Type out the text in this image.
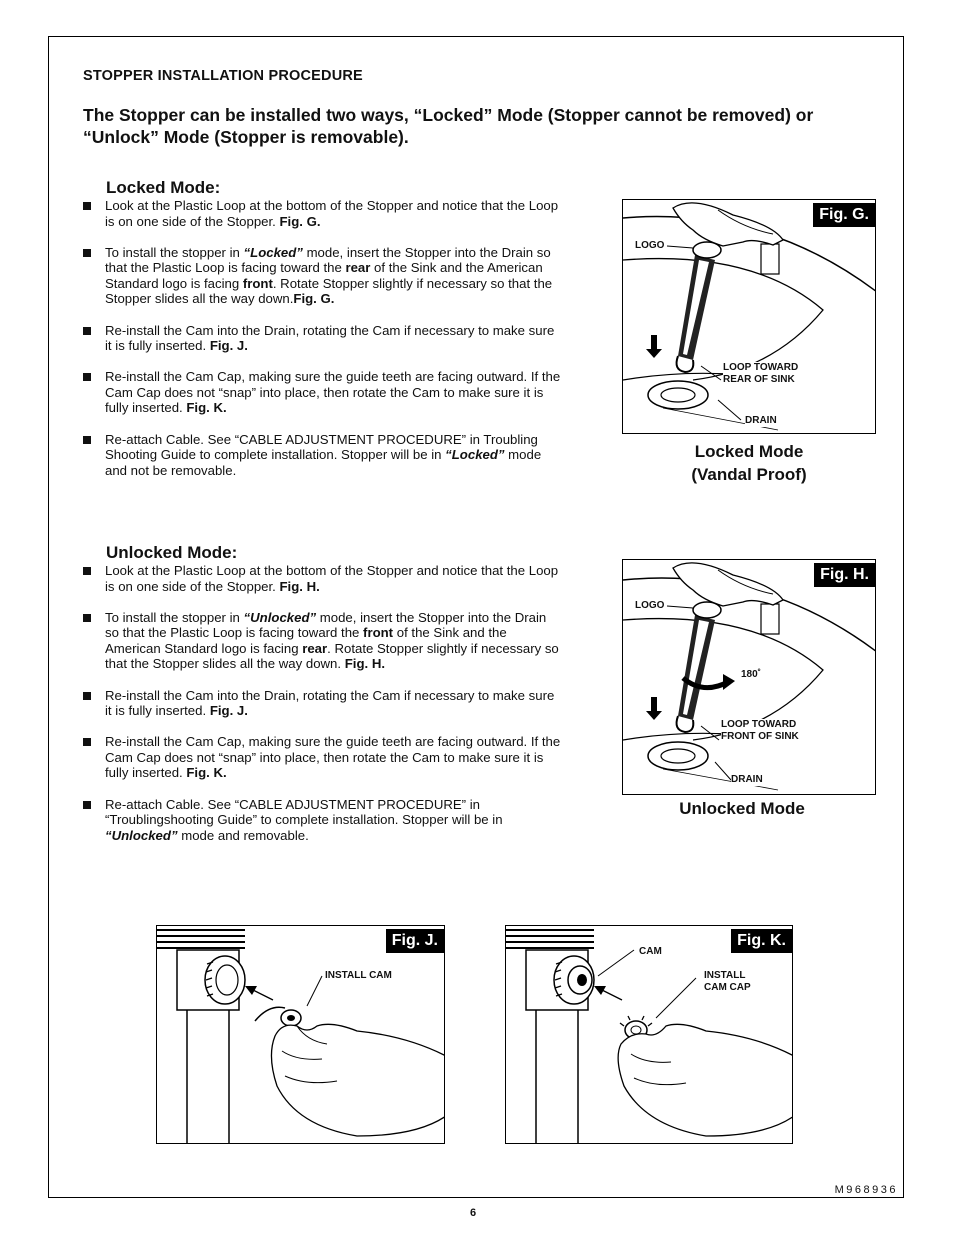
STOPPER INSTALLATION PROCEDURE
The Stopper can be installed two ways, “Locked” Mode (Stopper cannot be removed) or “Unlock” Mode (Stopper is removable).
Locked Mode:
Look at the Plastic Loop at the bottom of the Stopper and notice that the Loop is on one side of the Stopper. Fig. G.
To install the stopper in “Locked” mode, insert the Stopper into the Drain so that the Plastic Loop is facing toward the rear of the Sink and the American Standard logo is facing front. Rotate Stopper slightly if necessary so that the Stopper slides all the way down.Fig. G.
Re-install the Cam into the Drain, rotating the Cam if necessary to make sure it is fully inserted. Fig. J.
Re-install the Cam Cap, making sure the guide teeth are facing outward. If the Cam Cap does not “snap” into place, then rotate the Cam to make sure it is fully inserted. Fig. K.
Re-attach Cable. See “CABLE ADJUSTMENT PROCEDURE” in Troubling Shooting Guide to complete installation. Stopper will be in “Locked” mode and not be removable.
Fig. G.
LOGO
LOOP TOWARD
REAR OF SINK
DRAIN
Locked Mode
(Vandal Proof)
Unlocked Mode:
Look at the Plastic Loop at the bottom of the Stopper and notice that the Loop is on one side of the Stopper. Fig. H.
To install the stopper in “Unlocked” mode, insert the Stopper into the Drain so that the Plastic Loop is facing toward the front of the Sink and the American Standard logo is facing rear. Rotate Stopper slightly if necessary so that the Stopper slides all the way down. Fig. H.
Re-install the Cam into the Drain, rotating the Cam if necessary to make sure it is fully inserted. Fig. J.
Re-install the Cam Cap, making sure the guide teeth are facing outward. If the Cam Cap does not “snap” into place, then rotate the Cam to make sure it is fully inserted. Fig. K.
Re-attach Cable. See “CABLE ADJUSTMENT PROCEDURE” in “Troublingshooting Guide” to complete installation. Stopper will be in “Unlocked” mode and removable.
Fig. H.
LOGO
180˚
LOOP TOWARD
FRONT OF SINK
DRAIN
Unlocked Mode
Fig. J.
INSTALL CAM
Fig. K.
CAM
INSTALL
CAM CAP
M968936
6
